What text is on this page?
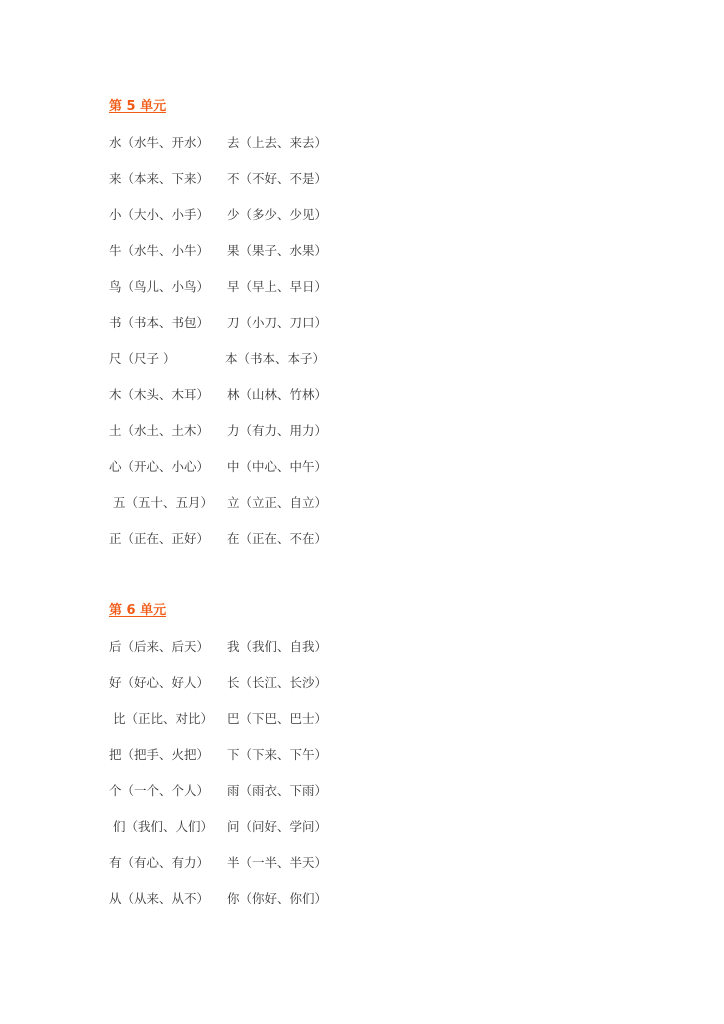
第 5 单元
水（水牛、开水）	去（上去、来去）
来（本来、下来）	不（不好、不是）
小（大小、小手）	少（多少、少见）
牛（水牛、小牛）	果（果子、水果）
鸟（鸟儿、小鸟）	早（早上、早日）
书（书本、书包）	刀（小刀、刀口）
尺（尺子 ）	本（书本、本子）
木（木头、木耳）	林（山林、竹林）
土（水土、土木）	力（有力、用力）
心（开心、小心）	中（中心、中午）
五（五十、五月）	立（立正、自立）
正（正在、正好）	在（正在、不在）
第 6 单元
后（后来、后天）	我（我们、自我）
好（好心、好人）	长（长江、长沙）
比（正比、对比）	巴（下巴、巴士）
把（把手、火把）	下（下来、下午）
个（一个、个人）	雨（雨衣、下雨）
们（我们、人们）	问（问好、学问）
有（有心、有力）	半（一半、半天）
从（从来、从不）	你（你好、你们）
